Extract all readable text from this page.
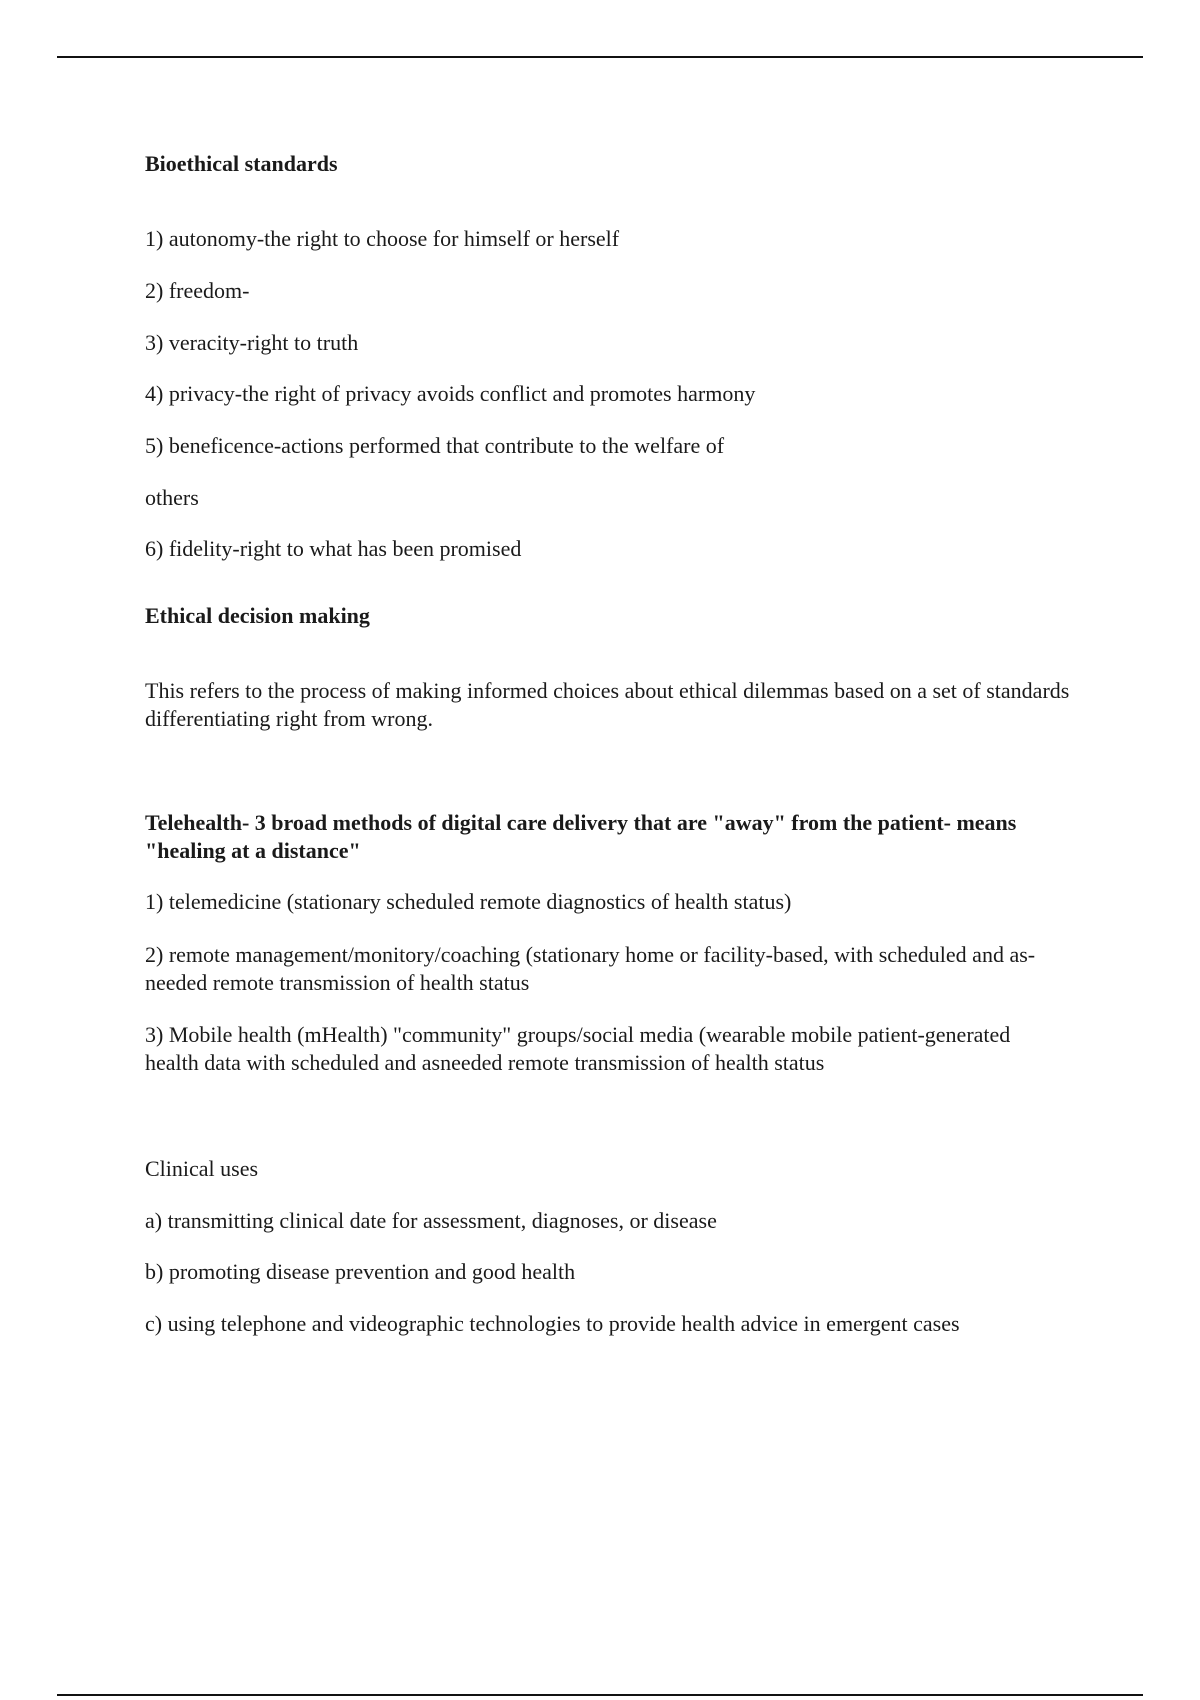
Bioethical standards
1) autonomy-the right to choose for himself or herself
2) freedom-
3) veracity-right to truth
4) privacy-the right of privacy avoids conflict and promotes harmony
5) beneficence-actions performed that contribute to the welfare of
others
6) fidelity-right to what has been promised
Ethical decision making
This refers to the process of making informed choices about ethical dilemmas based on a set of standards differentiating right from wrong.
Telehealth- 3 broad methods of digital care delivery that are "away" from the patient- means "healing at a distance"
1) telemedicine (stationary scheduled remote diagnostics of health status)
2) remote management/monitory/coaching (stationary home or facility-based, with scheduled and as-needed remote transmission of health status
3) Mobile health (mHealth) "community" groups/social media (wearable mobile patient-generated health data with scheduled and asneeded remote transmission of health status
Clinical uses
a) transmitting clinical date for assessment, diagnoses, or disease
b) promoting disease prevention and good health
c) using telephone and videographic technologies to provide health advice in emergent cases
